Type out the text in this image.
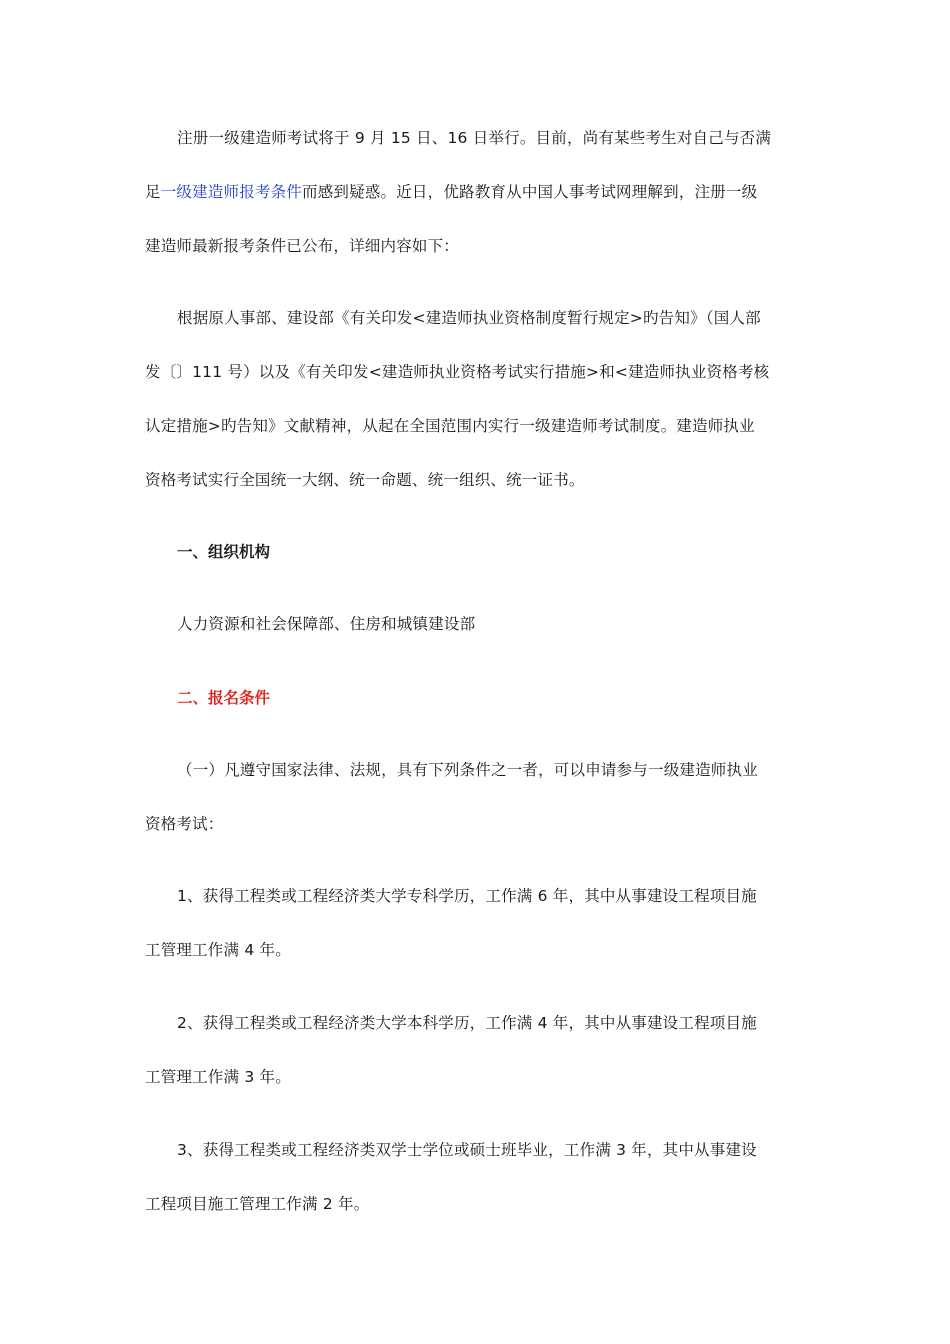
注册一级建造师考试将于 9 月 15 日、16 日举行。目前，尚有某些考生对自己与否满
足一级建造师报考条件而感到疑惑。近日，优路教育从中国人事考试网理解到，注册一级
建造师最新报考条件已公布，详细内容如下：
根据原人事部、建设部《有关印发<建造师执业资格制度暂行规定>旳告知》（国人部
发〔〕111 号）以及《有关印发<建造师执业资格考试实行措施>和<建造师执业资格考核
认定措施>旳告知》文献精神，从起在全国范围内实行一级建造师考试制度。建造师执业
资格考试实行全国统一大纲、统一命题、统一组织、统一证书。

一、组织机构

人力资源和社会保障部、住房和城镇建设部

二、报名条件

（一）凡遵守国家法律、法规，具有下列条件之一者，可以申请参与一级建造师执业
资格考试：
1、获得工程类或工程经济类大学专科学历，工作满 6 年，其中从事建设工程项目施
工管理工作满 4 年。
2、获得工程类或工程经济类大学本科学历，工作满 4 年，其中从事建设工程项目施
工管理工作满 3 年。
3、获得工程类或工程经济类双学士学位或硕士班毕业，工作满 3 年，其中从事建设
工程项目施工管理工作满 2 年。
